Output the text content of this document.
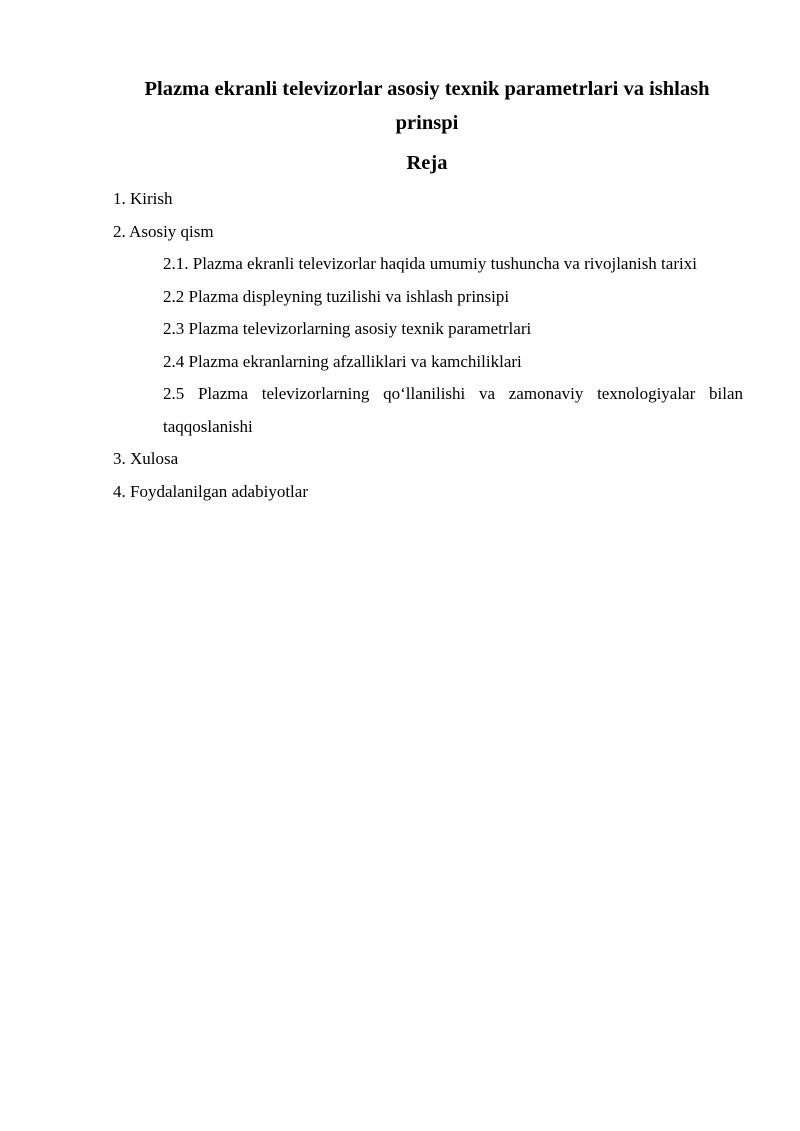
Plazma ekranli televizorlar asosiy texnik parametrlari va ishlash prinspi
Reja
1. Kirish
2. Asosiy qism
2.1. Plazma ekranli televizorlar haqida umumiy tushuncha va rivojlanish tarixi
2.2 Plazma displeyning tuzilishi va ishlash prinsipi
2.3 Plazma televizorlarning asosiy texnik parametrlari
2.4 Plazma ekranlarning afzalliklari va kamchiliklari
2.5 Plazma televizorlarning qo‘llanilishi va zamonaviy texnologiyalar bilan taqqoslanishi
3. Xulosa
4. Foydalanilgan adabiyotlar
